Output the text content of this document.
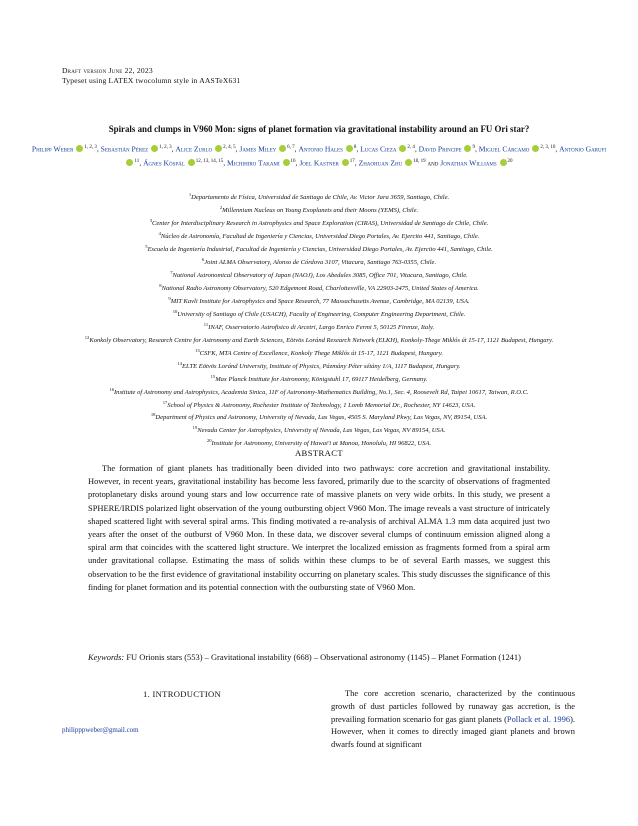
Draft version June 22, 2023
Typeset using LATEX twocolumn style in AASTeX631
Spirals and clumps in V960 Mon: signs of planet formation via gravitational instability around an FU Ori star?
Philipp Weber $^{1, 2, 3}$, Sebastián Pérez $^{1, 2, 3}$, Alice Zurlo $^{2, 4, 5}$, James Miley $^{6, 7}$, Antonio Hales $^8$, Lucas Cieza $^{2, 4}$, David Principe $^9$, Miguel Cárcamo $^{2, 3, 10}$, Antonio Garufi $^{11}$, Ágnes Kóspál $^{12, 13, 14, 15}$, Michihiro Takami $^{16}$, Joel Kastner $^{17}$, Zhaohuan Zhu $^{18, 19}$ and Jonathan Williams $^{20}$
$^1$Departamento de Física, Universidad de Santiago de Chile, Av. Victor Jara 3659, Santiago, Chile.
$^2$Millennium Nucleus on Young Exoplanets and their Moons (YEMS), Chile.
$^3$Center for Interdisciplinary Research in Astrophysics and Space Exploration (CIRAS), Universidad de Santiago de Chile, Chile.
$^4$Núcleo de Astronomía, Facultad de Ingeniería y Ciencias, Universidad Diego Portales, Av. Ejercito 441, Santiago, Chile.
$^5$Escuela de Ingeniería Industrial, Facultad de Ingeniería y Ciencias, Universidad Diego Portales, Av. Ejercito 441, Santiago, Chile.
$^6$Joint ALMA Observatory, Alonso de Córdova 3107, Vitacura, Santiago 763-0355, Chile.
$^7$National Astronomical Observatory of Japan (NAOJ), Los Abedules 3085, Office 701, Vitacura, Santiago, Chile.
$^8$National Radio Astronomy Observatory, 520 Edgemont Road, Charlottesville, VA 22903-2475, United States of America.
$^9$MIT Kavli Institute for Astrophysics and Space Research, 77 Massachusetts Avenue, Cambridge, MA 02139, USA.
$^{10}$University of Santiago of Chile (USACH), Faculty of Engineering, Computer Engineering Department, Chile.
$^{11}$INAF, Osservatorio Astrofisico di Arcetri, Largo Enrico Fermi 5, 50125 Firenze, Italy.
$^{12}$Konkoly Observatory, Research Centre for Astronomy and Earth Sciences, Eötvös Loránd Research Network (ELKH), Konkoly-Thege Miklós út 15-17, 1121 Budapest, Hungary.
$^{13}$CSFK, MTA Centre of Excellence, Konkoly Thege Miklós út 15-17, 1121 Budapest, Hungary.
$^{14}$ELTE Eötvös Loránd University, Institute of Physics, Pázmány Péter sétány 1/A, 1117 Budapest, Hungary.
$^{15}$Max Planck Institute for Astronomy, Königstuhl 17, 69117 Heidelberg, Germany.
$^{16}$Institute of Astronomy and Astrophysics, Academia Sinica, 11F of Astronomy-Mathematics Building, No.1, Sec. 4, Roosevelt Rd, Taipei 10617, Taiwan, R.O.C.
$^{17}$School of Physics & Astronomy, Rochester Institute of Technology, 1 Lomb Memorial Dr., Rochester, NY 14623, USA.
$^{18}$Department of Physics and Astronomy, University of Nevada, Las Vegas, 4505 S. Maryland Pkwy, Las Vegas, NV, 89154, USA.
$^{19}$Nevada Center for Astrophysics, University of Nevada, Las Vegas, Las Vegas, NV 89154, USA.
$^{20}$Institute for Astronomy, University of Hawai'i at Manoa, Honolulu, HI 96822, USA.
ABSTRACT
The formation of giant planets has traditionally been divided into two pathways: core accretion and gravitational instability. However, in recent years, gravitational instability has become less favored, primarily due to the scarcity of observations of fragmented protoplanetary disks around young stars and low occurrence rate of massive planets on very wide orbits. In this study, we present a SPHERE/IRDIS polarized light observation of the young outbursting object V960 Mon. The image reveals a vast structure of intricately shaped scattered light with several spiral arms. This finding motivated a re-analysis of archival ALMA 1.3 mm data acquired just two years after the onset of the outburst of V960 Mon. In these data, we discover several clumps of continuum emission aligned along a spiral arm that coincides with the scattered light structure. We interpret the localized emission as fragments formed from a spiral arm under gravitational collapse. Estimating the mass of solids within these clumps to be of several Earth masses, we suggest this observation to be the first evidence of gravitational instability occurring on planetary scales. This study discusses the significance of this finding for planet formation and its potential connection with the outbursting state of V960 Mon.
Keywords: FU Orionis stars (553) – Gravitational instability (668) – Observational astronomy (1145) – Planet Formation (1241)
1. INTRODUCTION
philipppweber@gmail.com
The core accretion scenario, characterized by the continuous growth of dust particles followed by runaway gas accretion, is the prevailing formation scenario for gas giant planets (Pollack et al. 1996). However, when it comes to directly imaged giant planets and brown dwarfs found at significant
